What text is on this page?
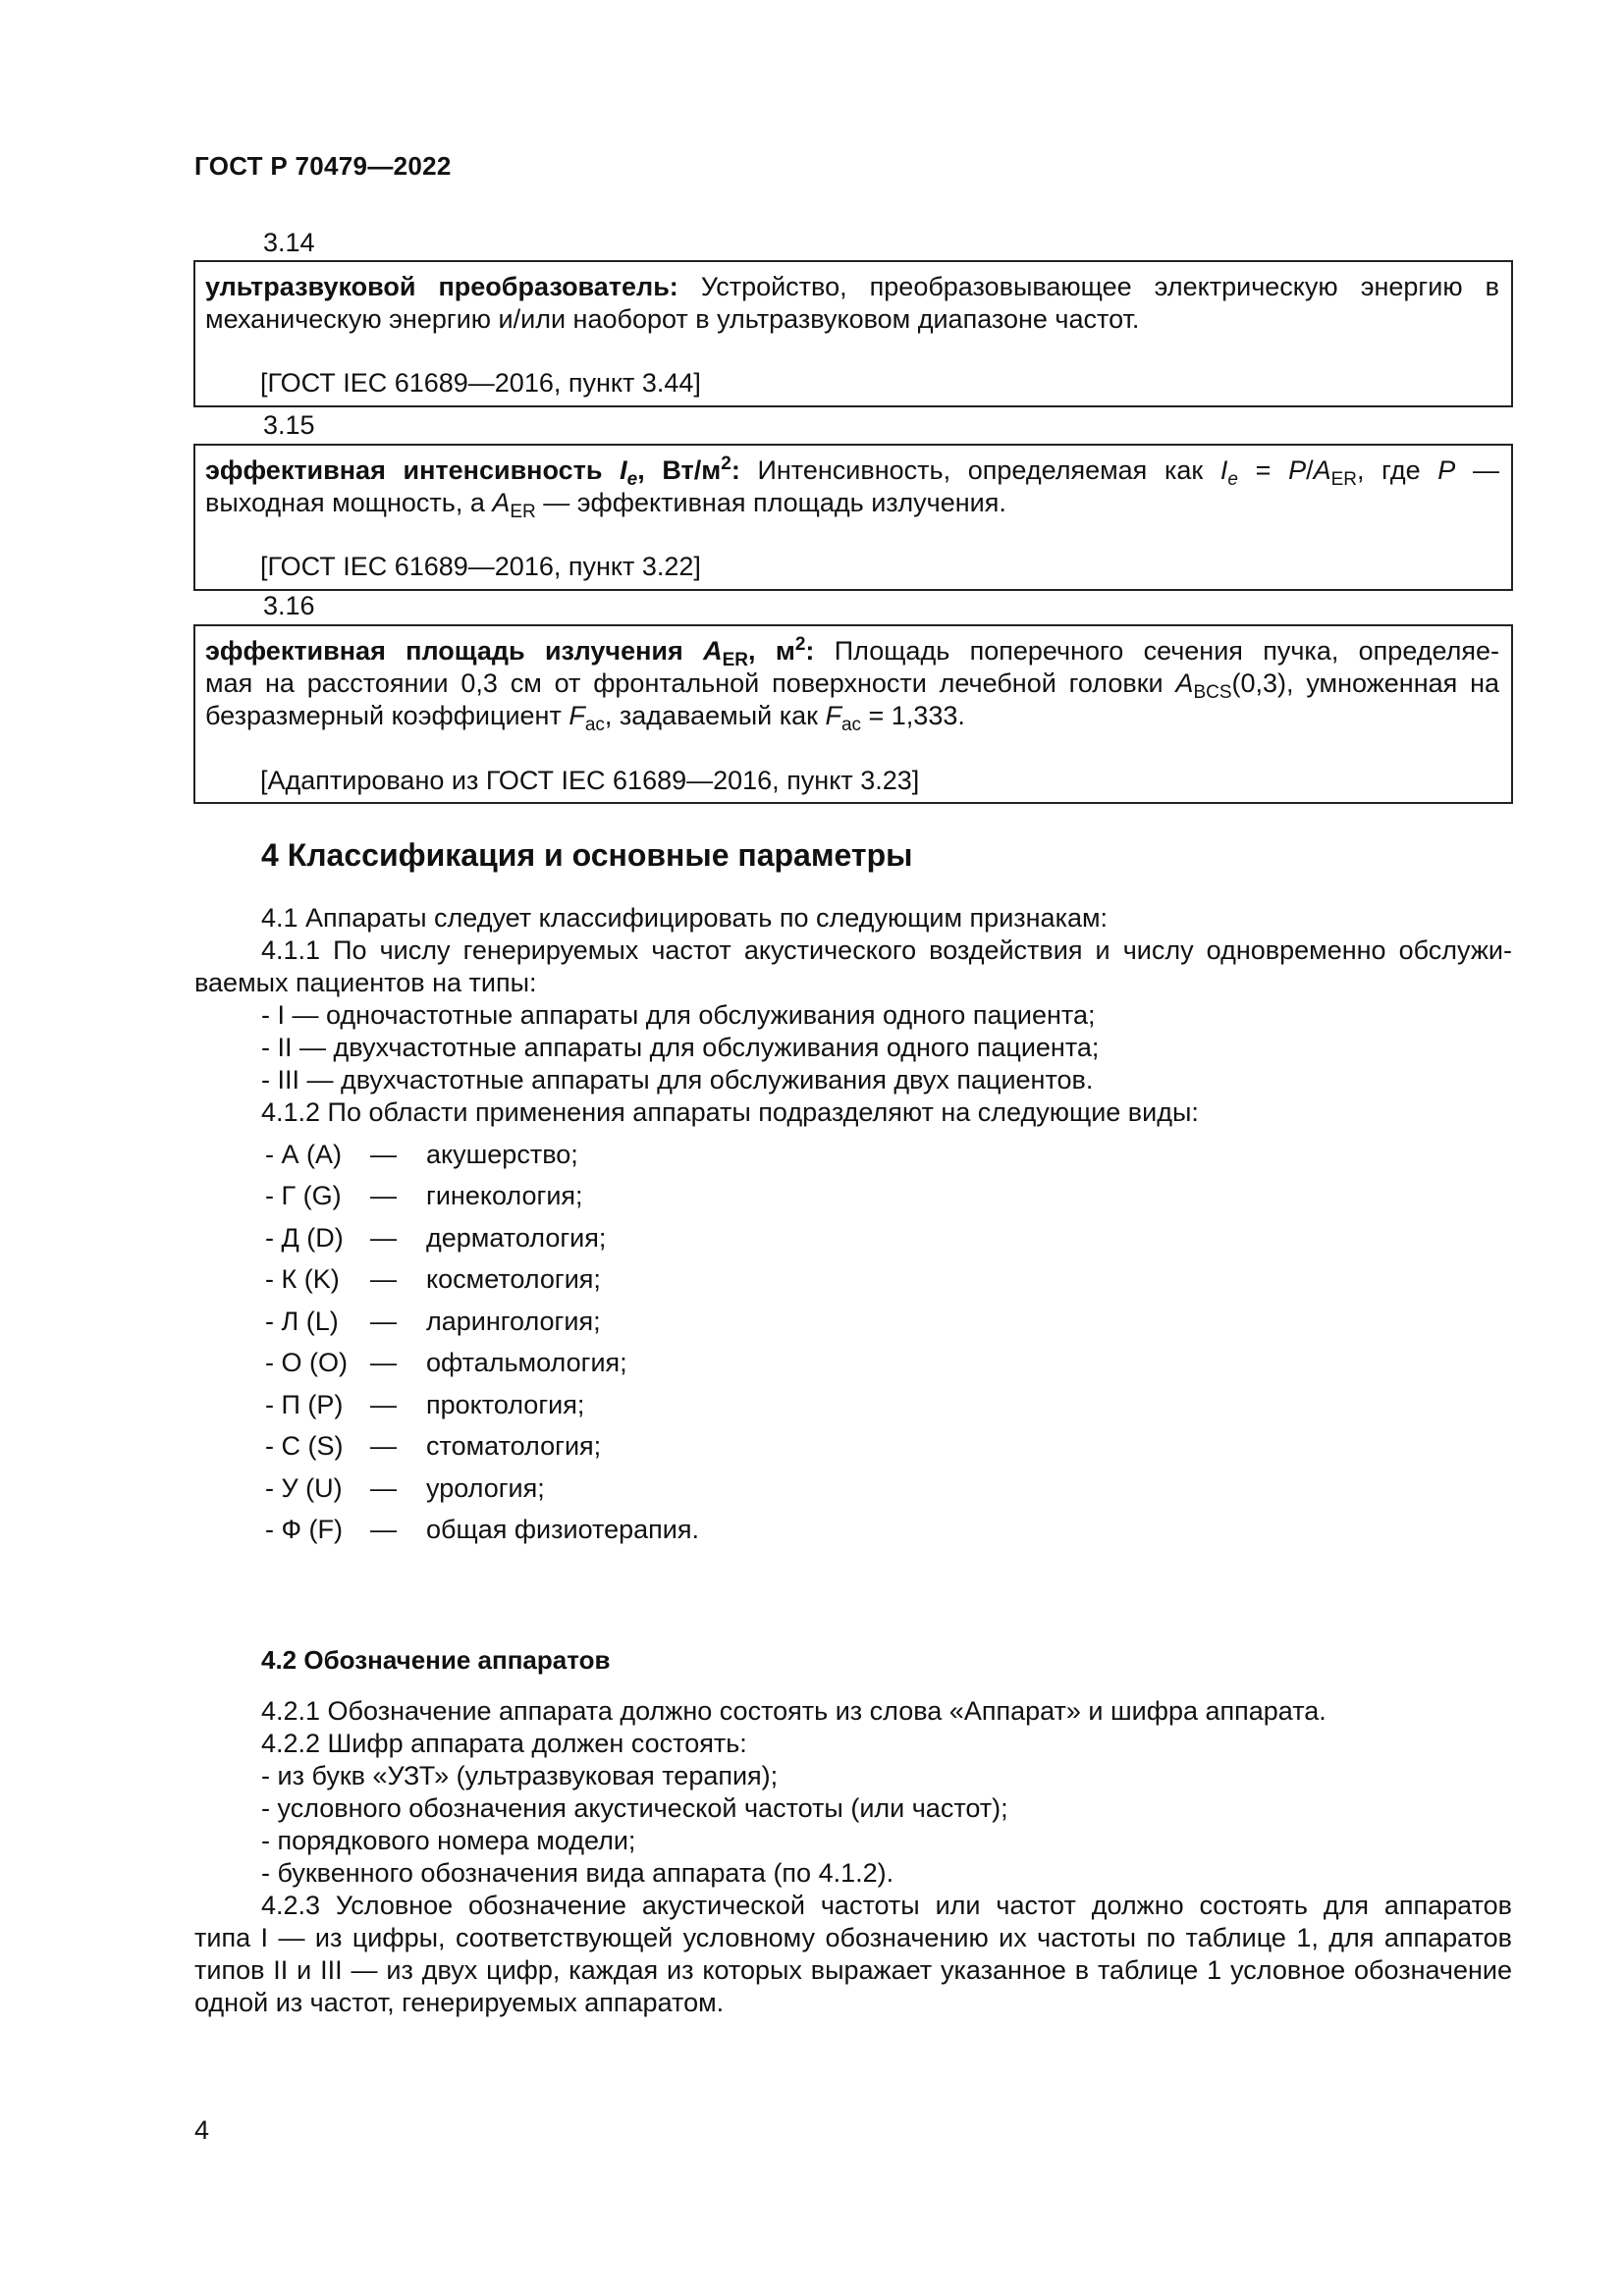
ГОСТ Р 70479—2022
3.14
ультразвуковой преобразователь: Устройство, преобразовывающее электрическую энергию в
механическую энергию и/или наоборот в ультразвуковом диапазоне частот.
[ГОСТ IEC 61689—2016, пункт 3.44]
3.15
эффективная интенсивность $I_e$, $Вт/м^2$: Интенсивность, определяемая как $I_e = P/A_{ER}$, где P —
выходная мощность, а $A_{ER}$ — эффективная площадь излучения.
[ГОСТ IEC 61689—2016, пункт 3.22]
3.16
эффективная площадь излучения $A_{ER}$, $м^2$: Площадь поперечного сечения пучка, определяе-
мая на расстоянии 0,3 см от фронтальной поверхности лечебной головки $A_{BCS}(0,3)$, умноженная на
безразмерный коэффициент $F_{ac}$, задаваемый как $F_{ac} = 1,333$.
[Адаптировано из ГОСТ IEC 61689—2016, пункт 3.23]
4 Классификация и основные параметры
4.1 Аппараты следует классифицировать по следующим признакам:
4.1.1 По числу генерируемых частот акустического воздействия и числу одновременно обслужи-
ваемых пациентов на типы:
- I — одночастотные аппараты для обслуживания одного пациента;
- II — двухчастотные аппараты для обслуживания одного пациента;
- III — двухчастотные аппараты для обслуживания двух пациентов.
4.1.2 По области применения аппараты подразделяют на следующие виды:
- А (A) — акушерство;
- Г (G) — гинекология;
- Д (D) — дерматология;
- К (K) — косметология;
- Л (L) — ларингология;
- О (O) — офтальмология;
- П (P) — проктология;
- С (S) — стоматология;
- У (U) — урология;
- Ф (F) — общая физиотерапия.
4.2 Обозначение аппаратов
4.2.1 Обозначение аппарата должно состоять из слова «Аппарат» и шифра аппарата.
4.2.2 Шифр аппарата должен состоять:
- из букв «УЗТ» (ультразвуковая терапия);
- условного обозначения акустической частоты (или частот);
- порядкового номера модели;
- буквенного обозначения вида аппарата (по 4.1.2).
4.2.3 Условное обозначение акустической частоты или частот должно состоять для аппаратов
типа I — из цифры, соответствующей условному обозначению их частоты по таблице 1, для аппаратов
типов II и III — из двух цифр, каждая из которых выражает указанное в таблице 1 условное обозначение
одной из частот, генерируемых аппаратом.
4
